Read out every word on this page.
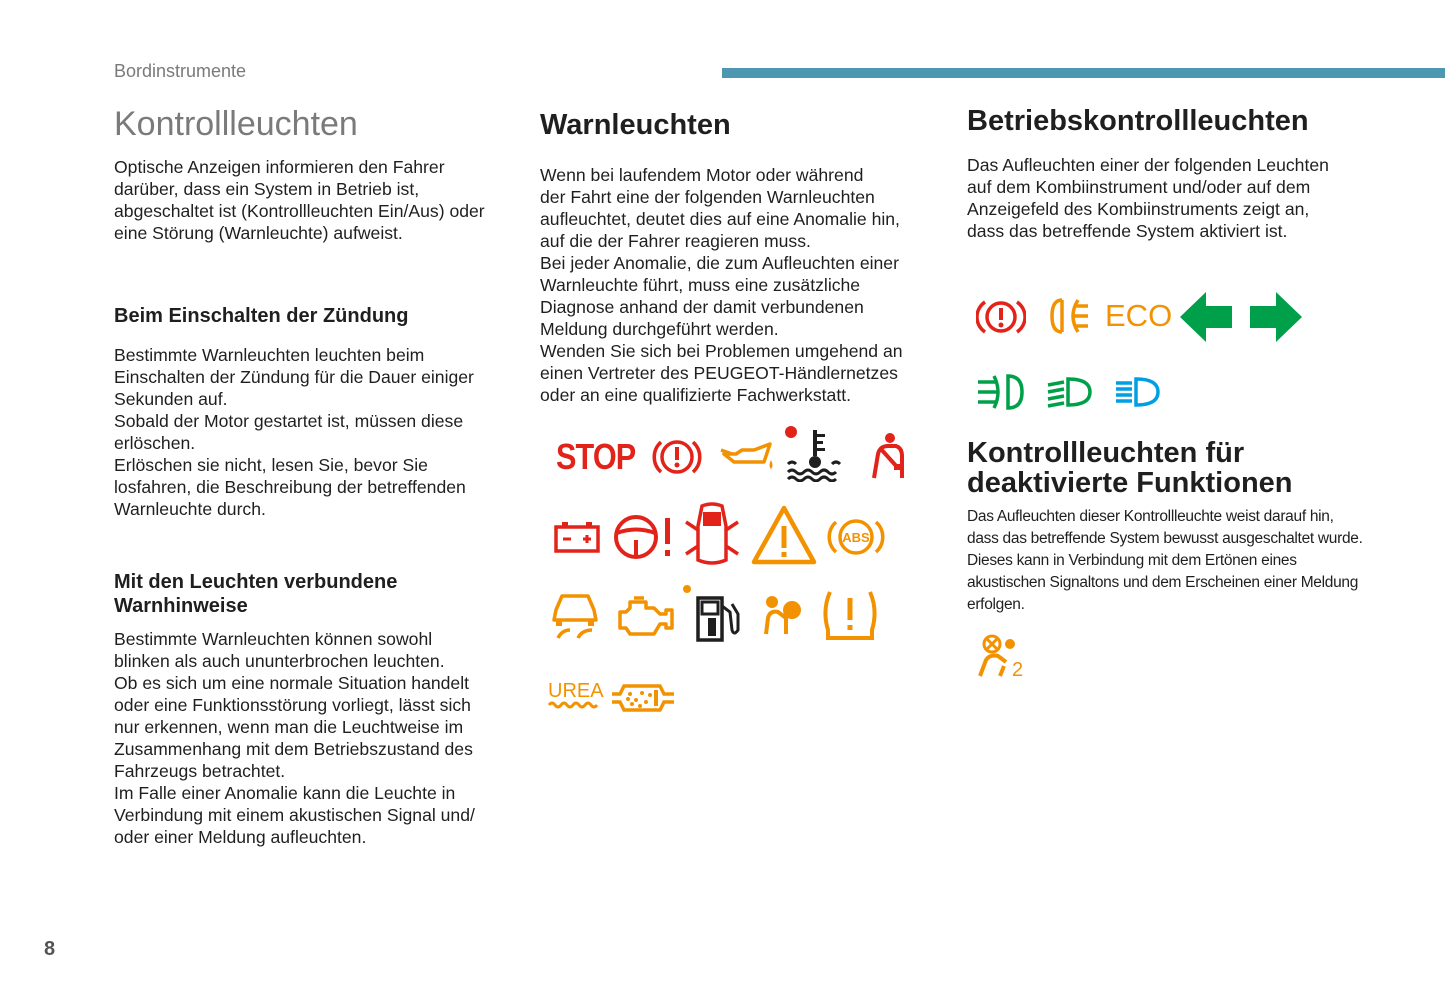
Bordinstrumente
8
Kontrollleuchten

Optische Anzeigen informieren den Fahrer
darüber, dass ein System in Betrieb ist,
abgeschaltet ist (Kontrollleuchten Ein/Aus) oder
eine Störung (Warnleuchte) aufweist.

Beim Einschalten der Zündung

Bestimmte Warnleuchten leuchten beim
Einschalten der Zündung für die Dauer einiger
Sekunden auf.
Sobald der Motor gestartet ist, müssen diese
erlöschen.
Erlöschen sie nicht, lesen Sie, bevor Sie
losfahren, die Beschreibung der betreffenden
Warnleuchte durch.

Mit den Leuchten verbundene
Warnhinweise

Bestimmte Warnleuchten können sowohl
blinken als auch ununterbrochen leuchten.
Ob es sich um eine normale Situation handelt
oder eine Funktionsstörung vorliegt, lässt sich
nur erkennen, wenn man die Leuchtweise im
Zusammenhang mit dem Betriebszustand des
Fahrzeugs betrachtet.
Im Falle einer Anomalie kann die Leuchte in
Verbindung mit einem akustischen Signal und/
oder einer Meldung aufleuchten.

Warnleuchten

Wenn bei laufendem Motor oder während
der Fahrt eine der folgenden Warnleuchten
aufleuchtet, deutet dies auf eine Anomalie hin,
auf die der Fahrer reagieren muss.
Bei jeder Anomalie, die zum Aufleuchten einer
Warnleuchte führt, muss eine zusätzliche
Diagnose anhand der damit verbundenen
Meldung durchgeführt werden.
Wenden Sie sich bei Problemen umgehend an
einen Vertreter des PEUGEOT-Händlernetzes
oder an eine qualifizierte Fachwerkstatt.

STOP
ABS
UREA
Betriebskontrollleuchten

Das Aufleuchten einer der folgenden Leuchten
auf dem Kombiinstrument und/oder auf dem
Anzeigefeld des Kombiinstruments zeigt an,
dass das betreffende System aktiviert ist.

ECO
Kontrollleuchten für
deaktivierte Funktionen

Das Aufleuchten dieser Kontrollleuchte weist darauf hin,
dass das betreffende System bewusst ausgeschaltet wurde.
Dieses kann in Verbindung mit dem Ertönen eines
akustischen Signaltons und dem Erscheinen einer Meldung
erfolgen.

2
